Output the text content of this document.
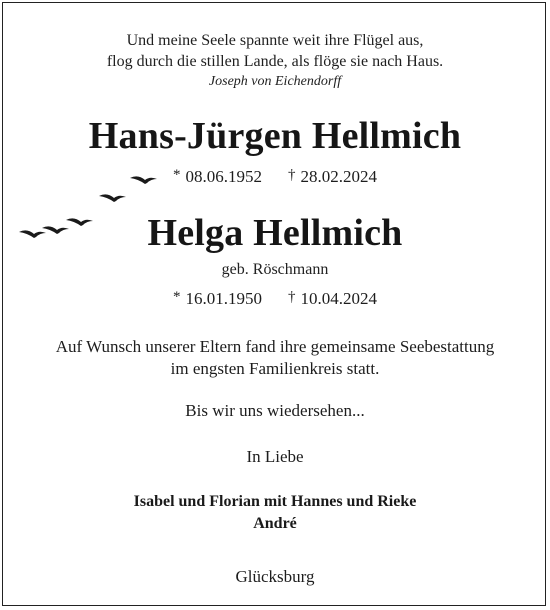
Und meine Seele spannte weit ihre Flügel aus,
flog durch die stillen Lande, als flöge sie nach Haus.
Joseph von Eichendorff
Hans-Jürgen Hellmich
* 08.06.1952 † 28.02.2024
Helga Hellmich
geb. Röschmann
* 16.01.1950 † 10.04.2024
Auf Wunsch unserer Eltern fand ihre gemeinsame Seebestattung
im engsten Familienkreis statt.
Bis wir uns wiedersehen...
In Liebe
Isabel und Florian mit Hannes und Rieke
André
Glücksburg
